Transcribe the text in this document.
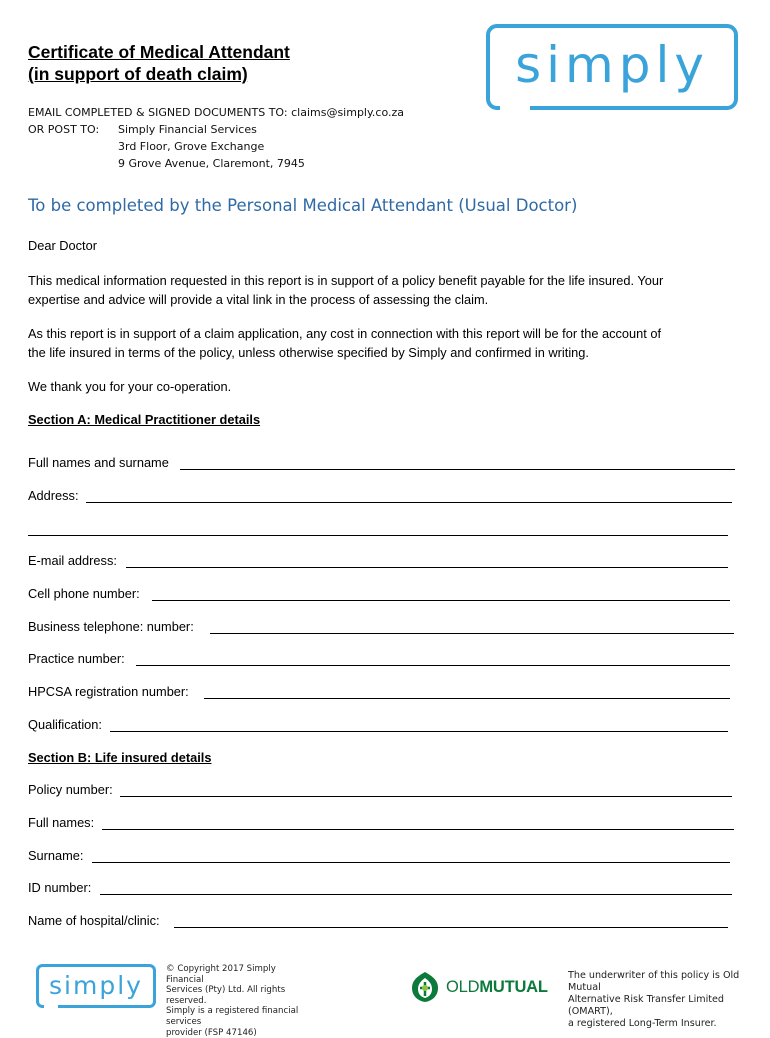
Certificate of Medical Attendant
(in support of death claim)
EMAIL COMPLETED & SIGNED DOCUMENTS TO: claims@simply.co.za
OR POST TO: Simply Financial Services
3rd Floor, Grove Exchange
9 Grove Avenue, Claremont, 7945
simply
To be completed by the Personal Medical Attendant (Usual Doctor)
Dear Doctor
This medical information requested in this report is in support of a policy benefit payable for the life insured. Your
expertise and advice will provide a vital link in the process of assessing the claim.
As this report is in support of a claim application, any cost in connection with this report will be for the account of
the life insured in terms of the policy, unless otherwise specified by Simply and confirmed in writing.
We thank you for your co-operation.
Section A: Medical Practitioner details
Full names and surname
Address:
E-mail address:
Cell phone number:
Business telephone: number:
Practice number:
HPCSA registration number:
Qualification:
Section B: Life insured details
Policy number:
Full names:
Surname:
ID number:
Name of hospital/clinic:
simply
© Copyright 2017 Simply Financial
Services (Pty) Ltd. All rights reserved.
Simply is a registered financial services
provider (FSP 47146)
OLDMUTUAL
The underwriter of this policy is Old Mutual
Alternative Risk Transfer Limited (OMART),
a registered Long-Term Insurer.
